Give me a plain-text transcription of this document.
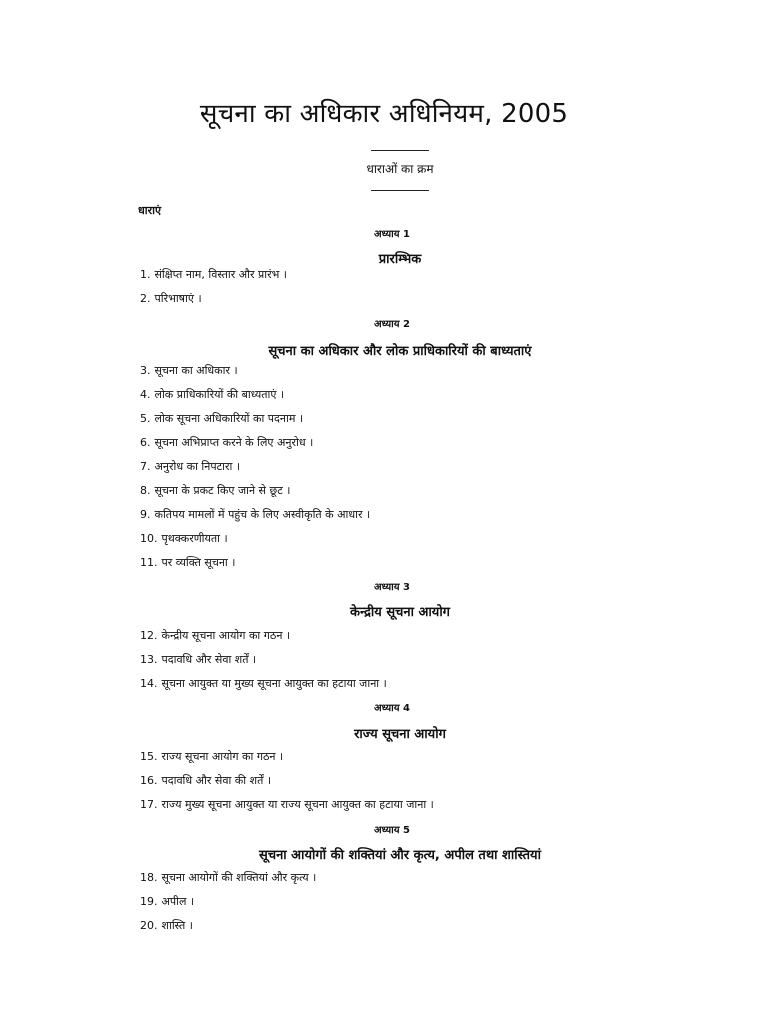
सूचना का अधिकार अधिनियम, 2005
धाराओं का क्रम
धाराएं
अध्याय 1
प्रारम्भिक
1. संक्षिप्त नाम, विस्तार और प्रारंभ ।
2. परिभाषाएं ।
अध्याय 2
सूचना का अधिकार और लोक प्राधिकारियों की बाध्यताएं
3. सूचना का अधिकार ।
4. लोक प्राधिकारियों की बाध्यताएं ।
5. लोक सूचना अधिकारियों का पदनाम ।
6. सूचना अभिप्राप्त करने के लिए अनुरोध ।
7. अनुरोध का निपटारा ।
8. सूचना के प्रकट किए जाने से छूट ।
9. कतिपय मामलों में पहुंच के लिए अस्वीकृति के आधार ।
10. पृथक्करणीयता ।
11. पर व्यक्ति सूचना ।
अध्याय 3
केन्द्रीय सूचना आयोग
12. केन्द्रीय सूचना आयोग का गठन ।
13. पदावधि और सेवा शर्तें ।
14. सूचना आयुक्त या मुख्य सूचना आयुक्त का हटाया जाना ।
अध्याय 4
राज्य सूचना आयोग
15. राज्य सूचना आयोग का गठन ।
16. पदावधि और सेवा की शर्तें ।
17. राज्य मुख्य सूचना आयुक्त या राज्य सूचना आयुक्त का हटाया जाना ।
अध्याय 5
सूचना आयोगों की शक्तियां और कृत्य, अपील तथा शास्तियां
18. सूचना आयोगों की शक्तियां और कृत्य ।
19. अपील ।
20. शास्ति ।
